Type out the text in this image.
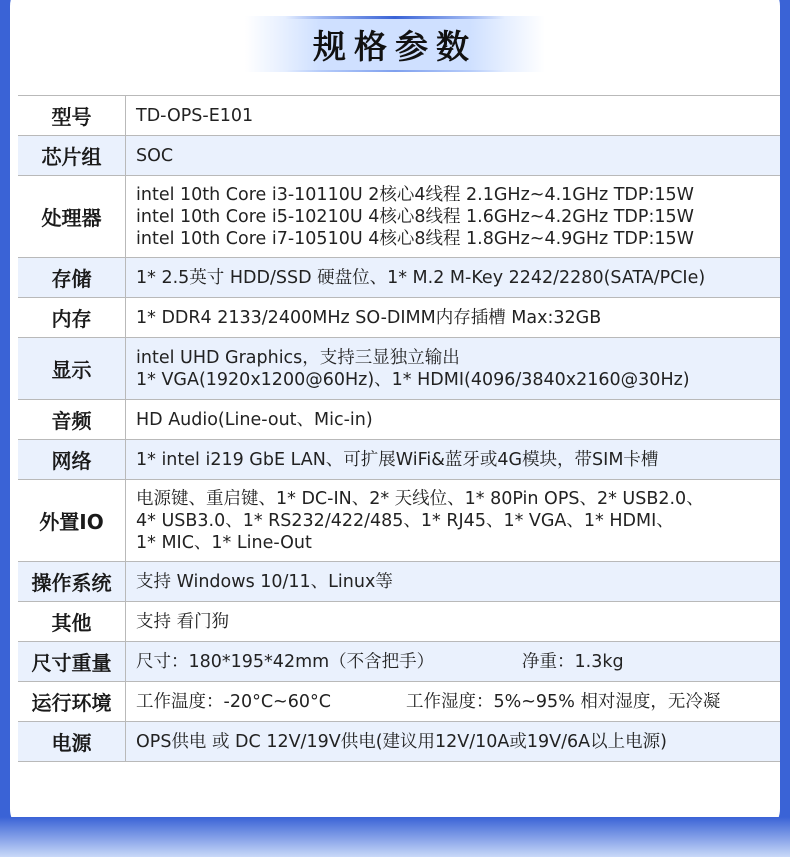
规格参数
型号	TD-OPS-E101

芯片组	SOC

处理器	intel 10th Core i3-10110U 2核心4线程 2.1GHz~4.1GHz TDP:15W
intel 10th Core i5-10210U 4核心8线程 1.6GHz~4.2GHz TDP:15W
intel 10th Core i7-10510U 4核心8线程 1.8GHz~4.9GHz TDP:15W

存储	1* 2.5英寸 HDD/SSD 硬盘位、1* M.2 M-Key 2242/2280(SATA/PCIe)

内存	1* DDR4 2133/2400MHz SO-DIMM内存插槽 Max:32GB

显示	intel UHD Graphics，支持三显独立输出
1* VGA(1920x1200@60Hz)、1* HDMI(4096/3840x2160@30Hz)

音频	HD Audio(Line-out、Mic-in)

网络	1* intel i219 GbE LAN、可扩展WiFi&蓝牙或4G模块，带SIM卡槽

外置IO	电源键、重启键、1* DC-IN、2* 天线位、1* 80Pin OPS、2* USB2.0、
4* USB3.0、1* RS232/422/485、1* RJ45、1* VGA、1* HDMI、
1* MIC、1* Line-Out

操作系统	支持 Windows 10/11、Linux等

其他	支持 看门狗

尺寸重量	尺寸：180*195*42mm（不含把手） 净重：1.3kg

运行环境	工作温度：-20°C~60°C 工作湿度：5%~95% 相对湿度，无冷凝

电源	OPS供电 或 DC 12V/19V供电(建议用12V/10A或19V/6A以上电源)
